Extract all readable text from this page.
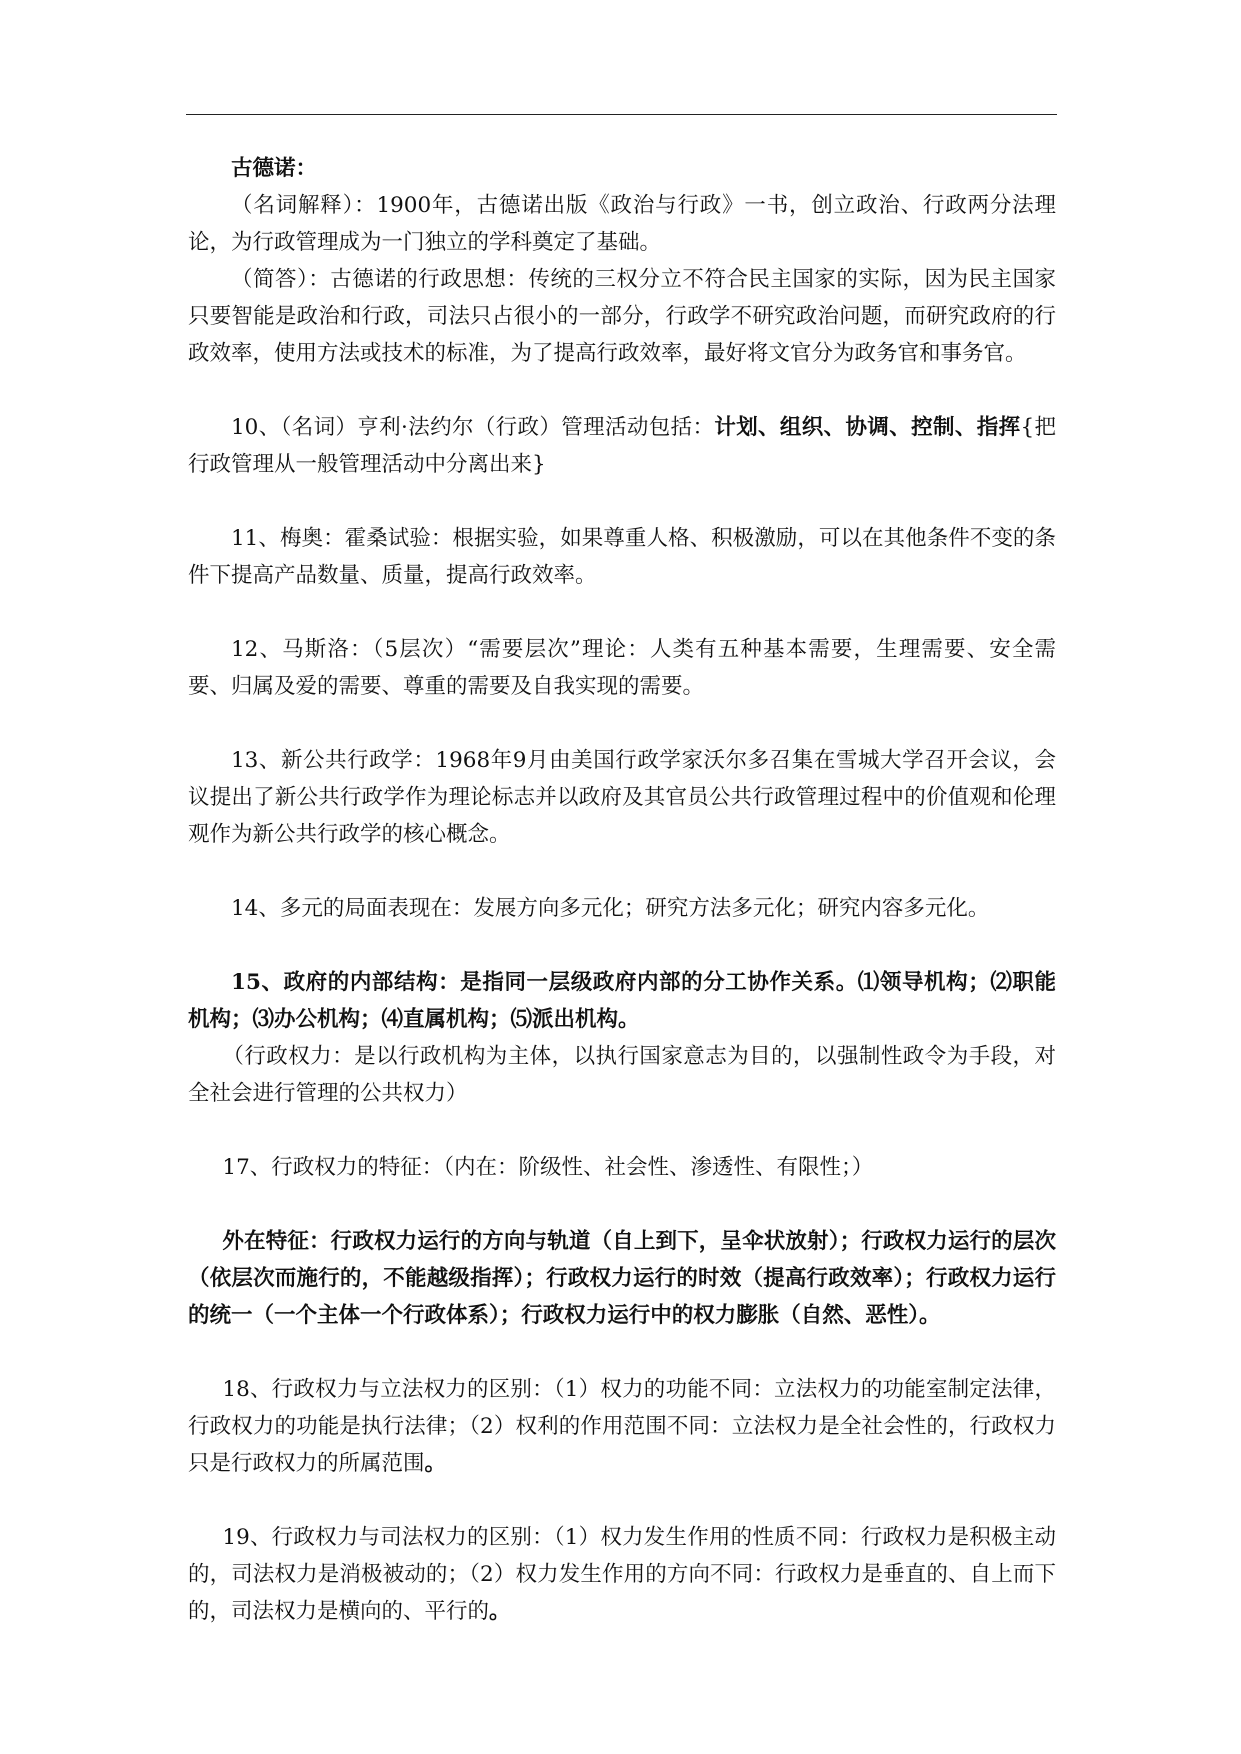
古德诺：

（名词解释）：1900年，古德诺出版《政治与行政》一书，创立政治、行政两分法理论，为行政管理成为一门独立的学科奠定了基础。

（简答）：古德诺的行政思想：传统的三权分立不符合民主国家的实际，因为民主国家只要智能是政治和行政，司法只占很小的一部分，行政学不研究政治问题，而研究政府的行政效率，使用方法或技术的标准，为了提高行政效率，最好将文官分为政务官和事务官。

10、（名词）亨利·法约尔（行政）管理活动包括：计划、组织、协调、控制、指挥{把行政管理从一般管理活动中分离出来}

11、梅奥：霍桑试验：根据实验，如果尊重人格、积极激励，可以在其他条件不变的条件下提高产品数量、质量，提高行政效率。

12、马斯洛：（5层次）“需要层次”理论：人类有五种基本需要，生理需要、安全需要、归属及爱的需要、尊重的需要及自我实现的需要。

13、新公共行政学：1968年9月由美国行政学家沃尔多召集在雪城大学召开会议，会议提出了新公共行政学作为理论标志并以政府及其官员公共行政管理过程中的价值观和伦理观作为新公共行政学的核心概念。

14、多元的局面表现在：发展方向多元化；研究方法多元化；研究内容多元化。

15、政府的内部结构：是指同一层级政府内部的分工协作关系。⑴领导机构；⑵职能机构；⑶办公机构；⑷直属机构；⑸派出机构。

（行政权力：是以行政机构为主体，以执行国家意志为目的，以强制性政令为手段，对全社会进行管理的公共权力）

17、行政权力的特征：（内在：阶级性、社会性、渗透性、有限性；）

外在特征：行政权力运行的方向与轨道（自上到下，呈伞状放射）；行政权力运行的层次（依层次而施行的，不能越级指挥）；行政权力运行的时效（提高行政效率）；行政权力运行的统一（一个主体一个行政体系）；行政权力运行中的权力膨胀（自然、恶性）。

18、行政权力与立法权力的区别：（1）权力的功能不同：立法权力的功能室制定法律，行政权力的功能是执行法律；（2）权利的作用范围不同：立法权力是全社会性的，行政权力只是行政权力的所属范围。

19、行政权力与司法权力的区别：（1）权力发生作用的性质不同：行政权力是积极主动的，司法权力是消极被动的；（2）权力发生作用的方向不同：行政权力是垂直的、自上而下的，司法权力是横向的、平行的。
